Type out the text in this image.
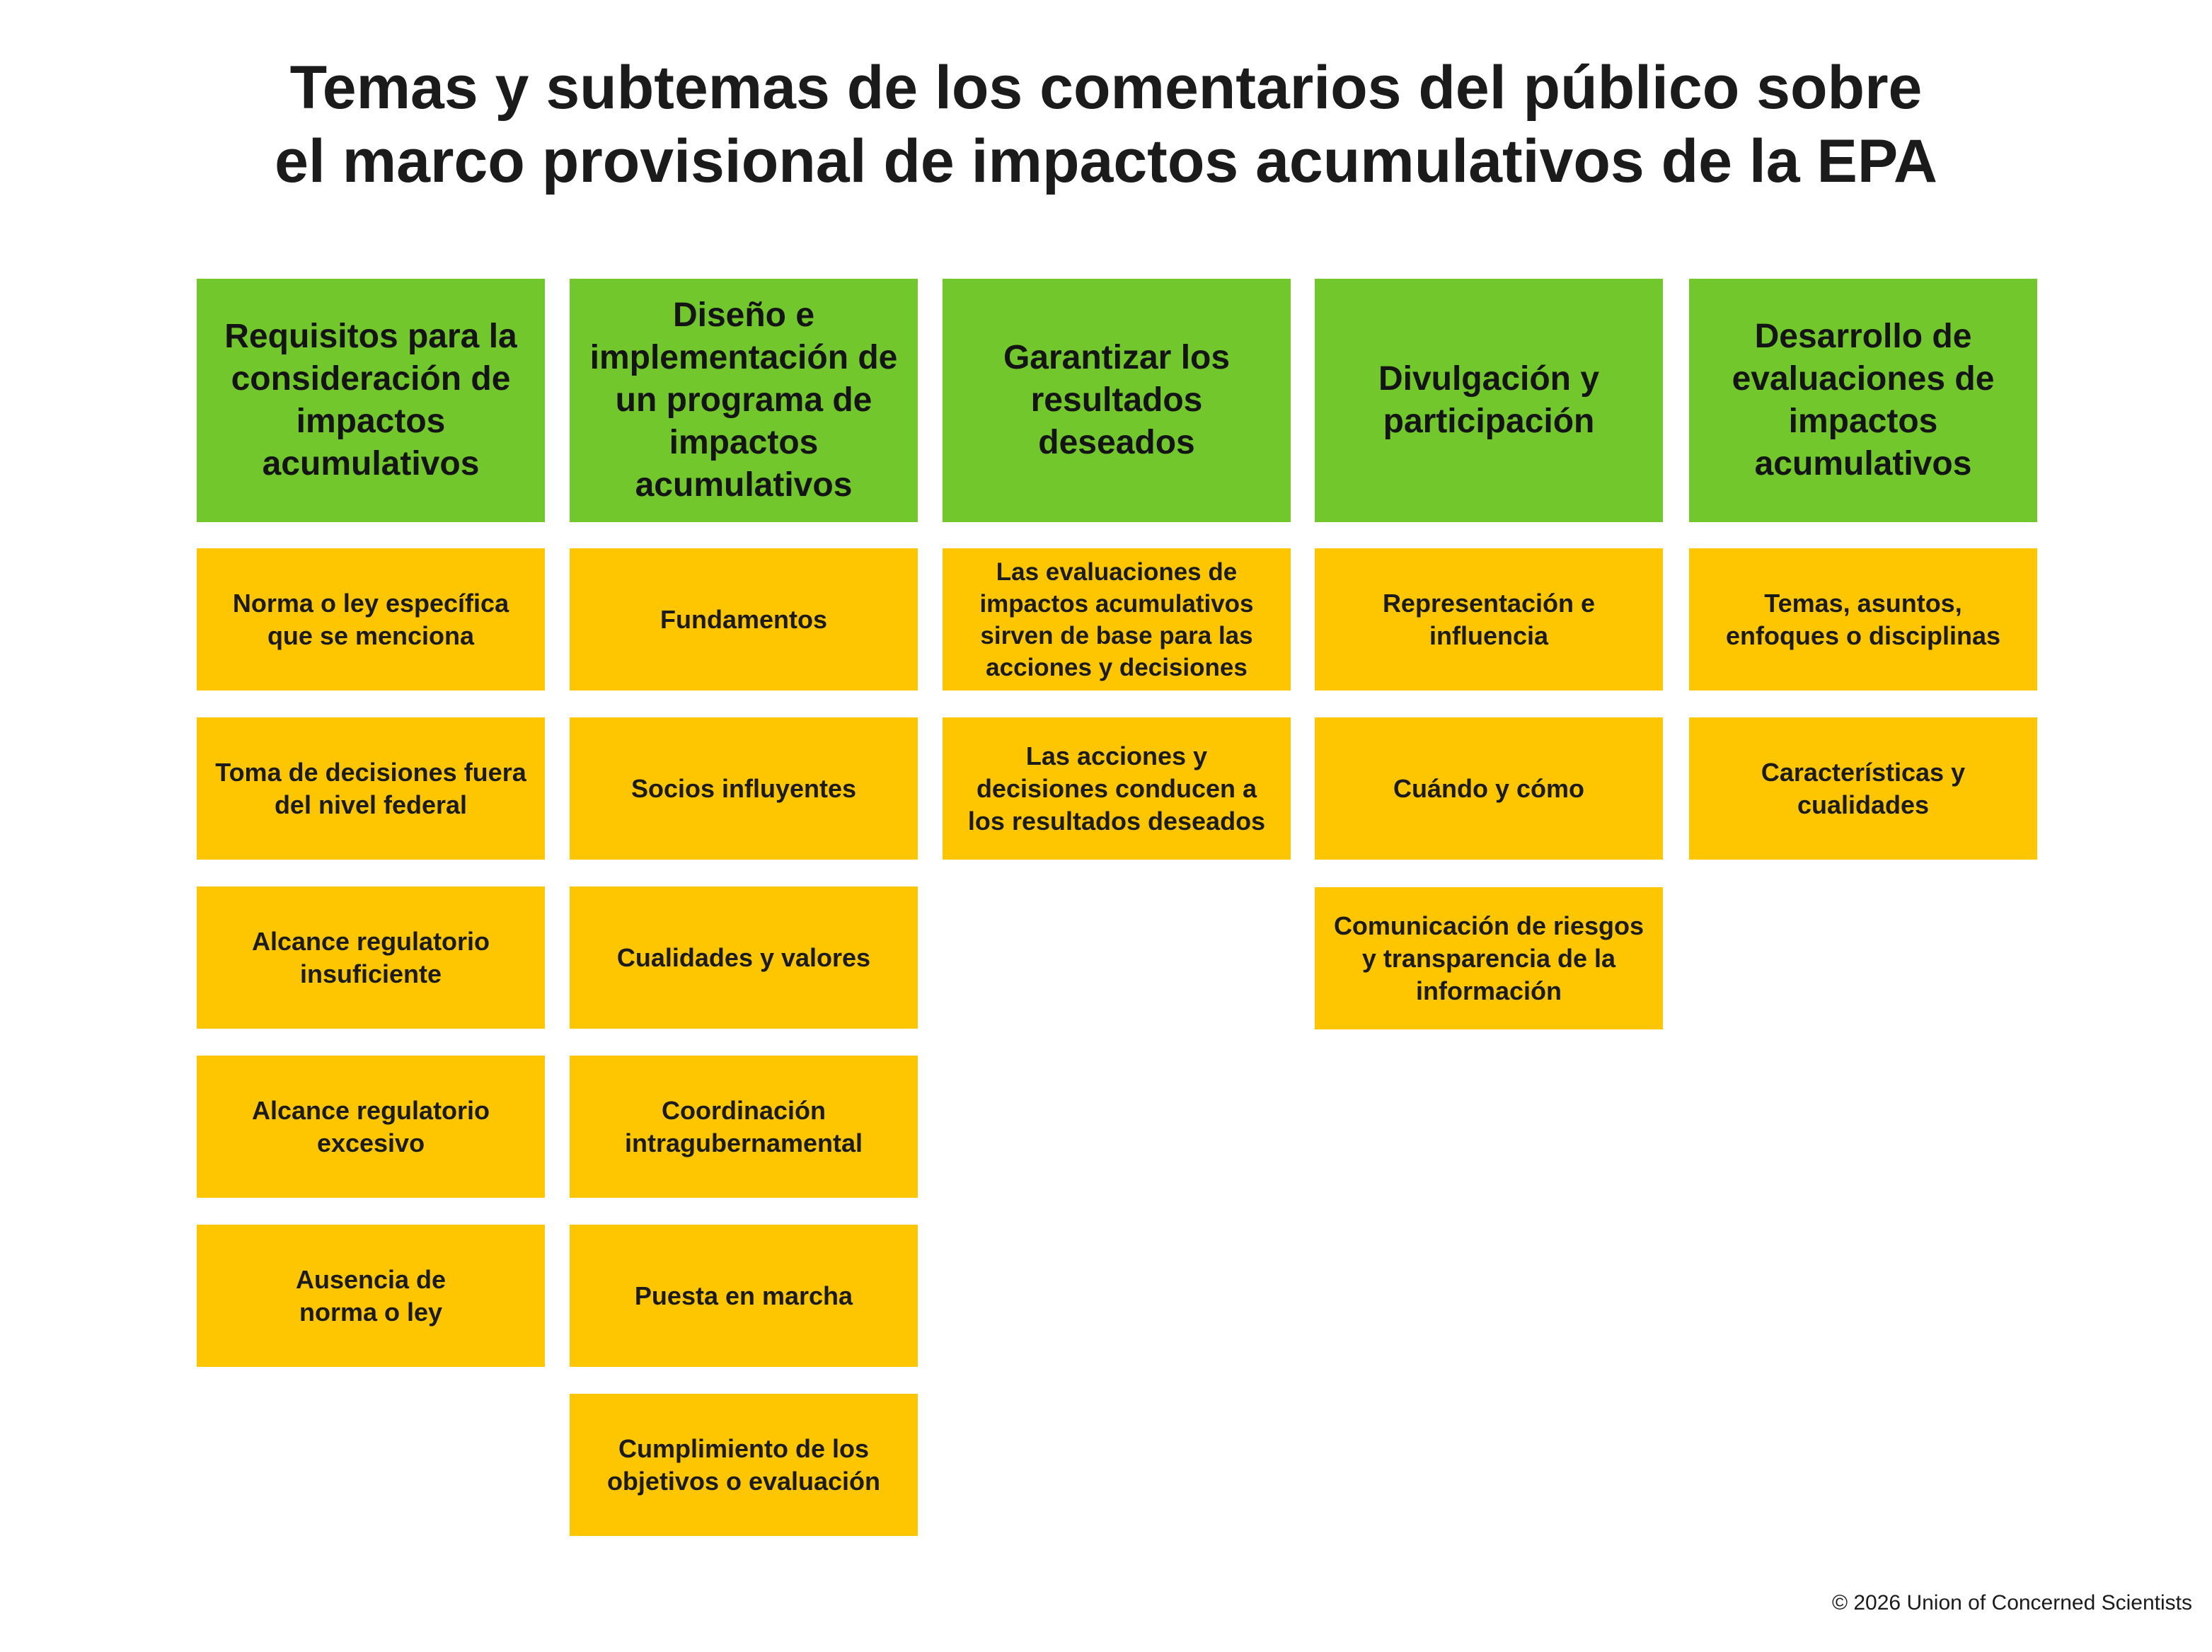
Temas y subtemas de los comentarios del público sobre
el marco provisional de impactos acumulativos de la EPA
Requisitos para la consideración de impactos acumulativos
Norma o ley específica que se menciona
Toma de decisiones fuera del nivel federal
Alcance regulatorio insuficiente
Alcance regulatorio excesivo
Ausencia de
norma o ley
Diseño e implementación de un programa de impactos acumulativos
Fundamentos
Socios influyentes
Cualidades y valores
Coordinación intragubernamental
Puesta en marcha
Cumplimiento de los objetivos o evaluación
Garantizar los resultados deseados
Las evaluaciones de impactos acumulativos sirven de base para las acciones y decisiones
Las acciones y decisiones conducen a los resultados deseados
Divulgación y participación
Representación e influencia
Cuándo y cómo
Comunicación de riesgos y transparencia de la información
Desarrollo de evaluaciones de impactos acumulativos
Temas, asuntos, enfoques o disciplinas
Características y cualidades
© 2026 Union of Concerned Scientists
